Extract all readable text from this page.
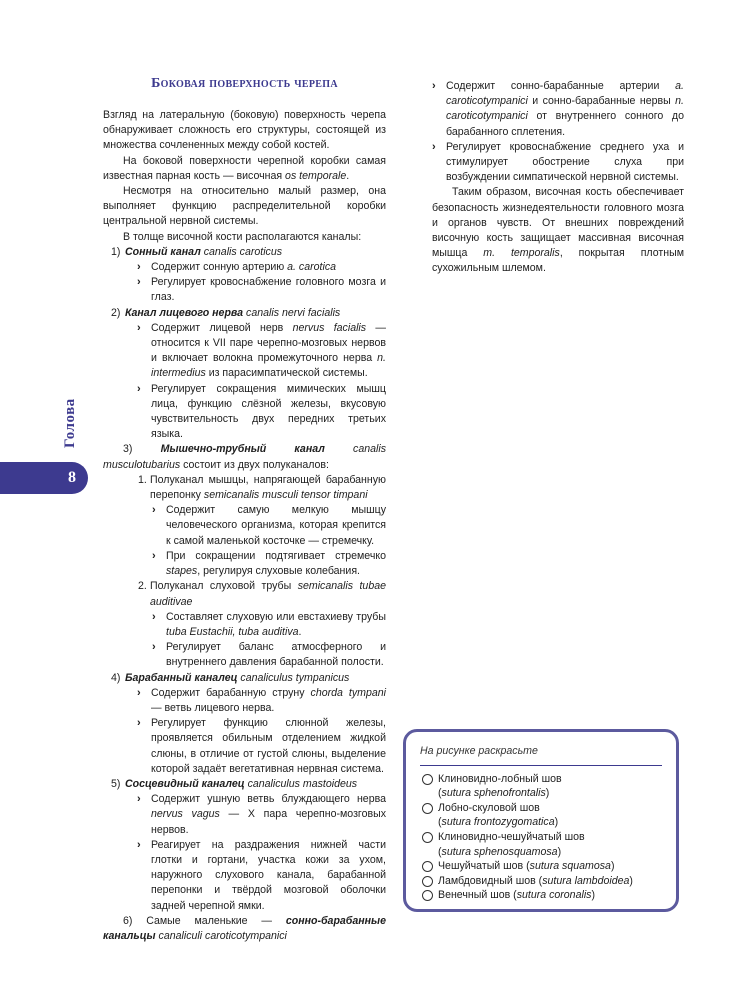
Голова
8
Боковая поверхность черепа

Взгляд на латеральную (боковую) поверхность черепа обнаруживает сложность его структуры, состоящей из множества сочлененных между собой костей.

На боковой поверхности черепной коробки самая известная парная кость — височная os temporale.

Несмотря на относительно малый размер, она выполняет функцию распределительной коробки центральной нервной системы.

В толще височной кости располагаются каналы:

1) Сонный канал canalis caroticus
› Содержит сонную артерию a. carotica
› Регулирует кровоснабжение головного мозга и глаз.
2) Канал лицевого нерва canalis nervi facialis
› Содержит лицевой нерв nervus facialis — относится к VII паре черепно-мозговых нервов и включает волокна промежуточного нерва n. intermedius из парасимпатической системы.
› Регулирует сокращения мимических мышц лица, функцию слёзной железы, вкусовую чувствительность двух передних третьих языка.

3)	Мышечно-трубный канал canalis musculotubarius состоит из двух полуканалов:

1. Полуканал мышцы, напрягающей барабанную перепонку semicanalis musculi tensor timpani
› Содержит самую мелкую мышцу человеческого организма, которая крепится к самой маленькой косточке — стремечку.
› При сокращении подтягивает стремечко stapes, регулируя слуховые колебания.
2. Полуканал слуховой трубы semicanalis tubae auditivae
› Составляет слуховую или евстахиеву трубы tuba Eustachii, tuba auditiva.
› Регулирует баланс атмосферного и внутреннего давления барабанной полости.
4) Барабанный каналец canaliculus tympanicus
› Содержит барабанную струну chorda tympani — ветвь лицевого нерва.
› Регулирует функцию слюнной железы, проявляется обильным отделением жидкой слюны, в отличие от густой слюны, выделение которой задаёт вегетативная нервная система.
5) Сосцевидный каналец canaliculus mastoideus
› Содержит ушную ветвь блуждающего нерва nervus vagus — X пара черепно-мозговых нервов.
› Реагирует на раздражения нижней части глотки и гортани, участка кожи за ухом, наружного слухового канала, барабанной перепонки и твёрдой мозговой оболочки задней черепной ямки.

6) Самые маленькие — сонно-барабанные канальцы canaliculi caroticotympanici

› Содержит сонно-барабанные артерии a. caroticotympanici и сонно-барабанные нервы n. caroticotympanici от внутреннего сонного до барабанного сплетения.
› Регулирует кровоснабжение среднего уха и стимулирует обострение слуха при возбуждении симпатической нервной системы.

Таким образом, височная кость обеспечивает безопасность жизнедеятельности головного мозга и органов чувств. От внешних повреждений височную кость защищает массивная височная мышца m. temporalis, покрытая плотным сухожильным шлемом.

На рисунке раскрасьте
Клиновидно-лобный шов
(sutura sphenofrontalis)
Лобно-скуловой шов
(sutura frontozygomatica)
Клиновидно-чешуйчатый шов
(sutura sphenosquamosa)
Чешуйчатый шов (sutura squamosa)
Ламбдовидный шов (sutura lambdoidea)
Венечный шов (sutura coronalis)
